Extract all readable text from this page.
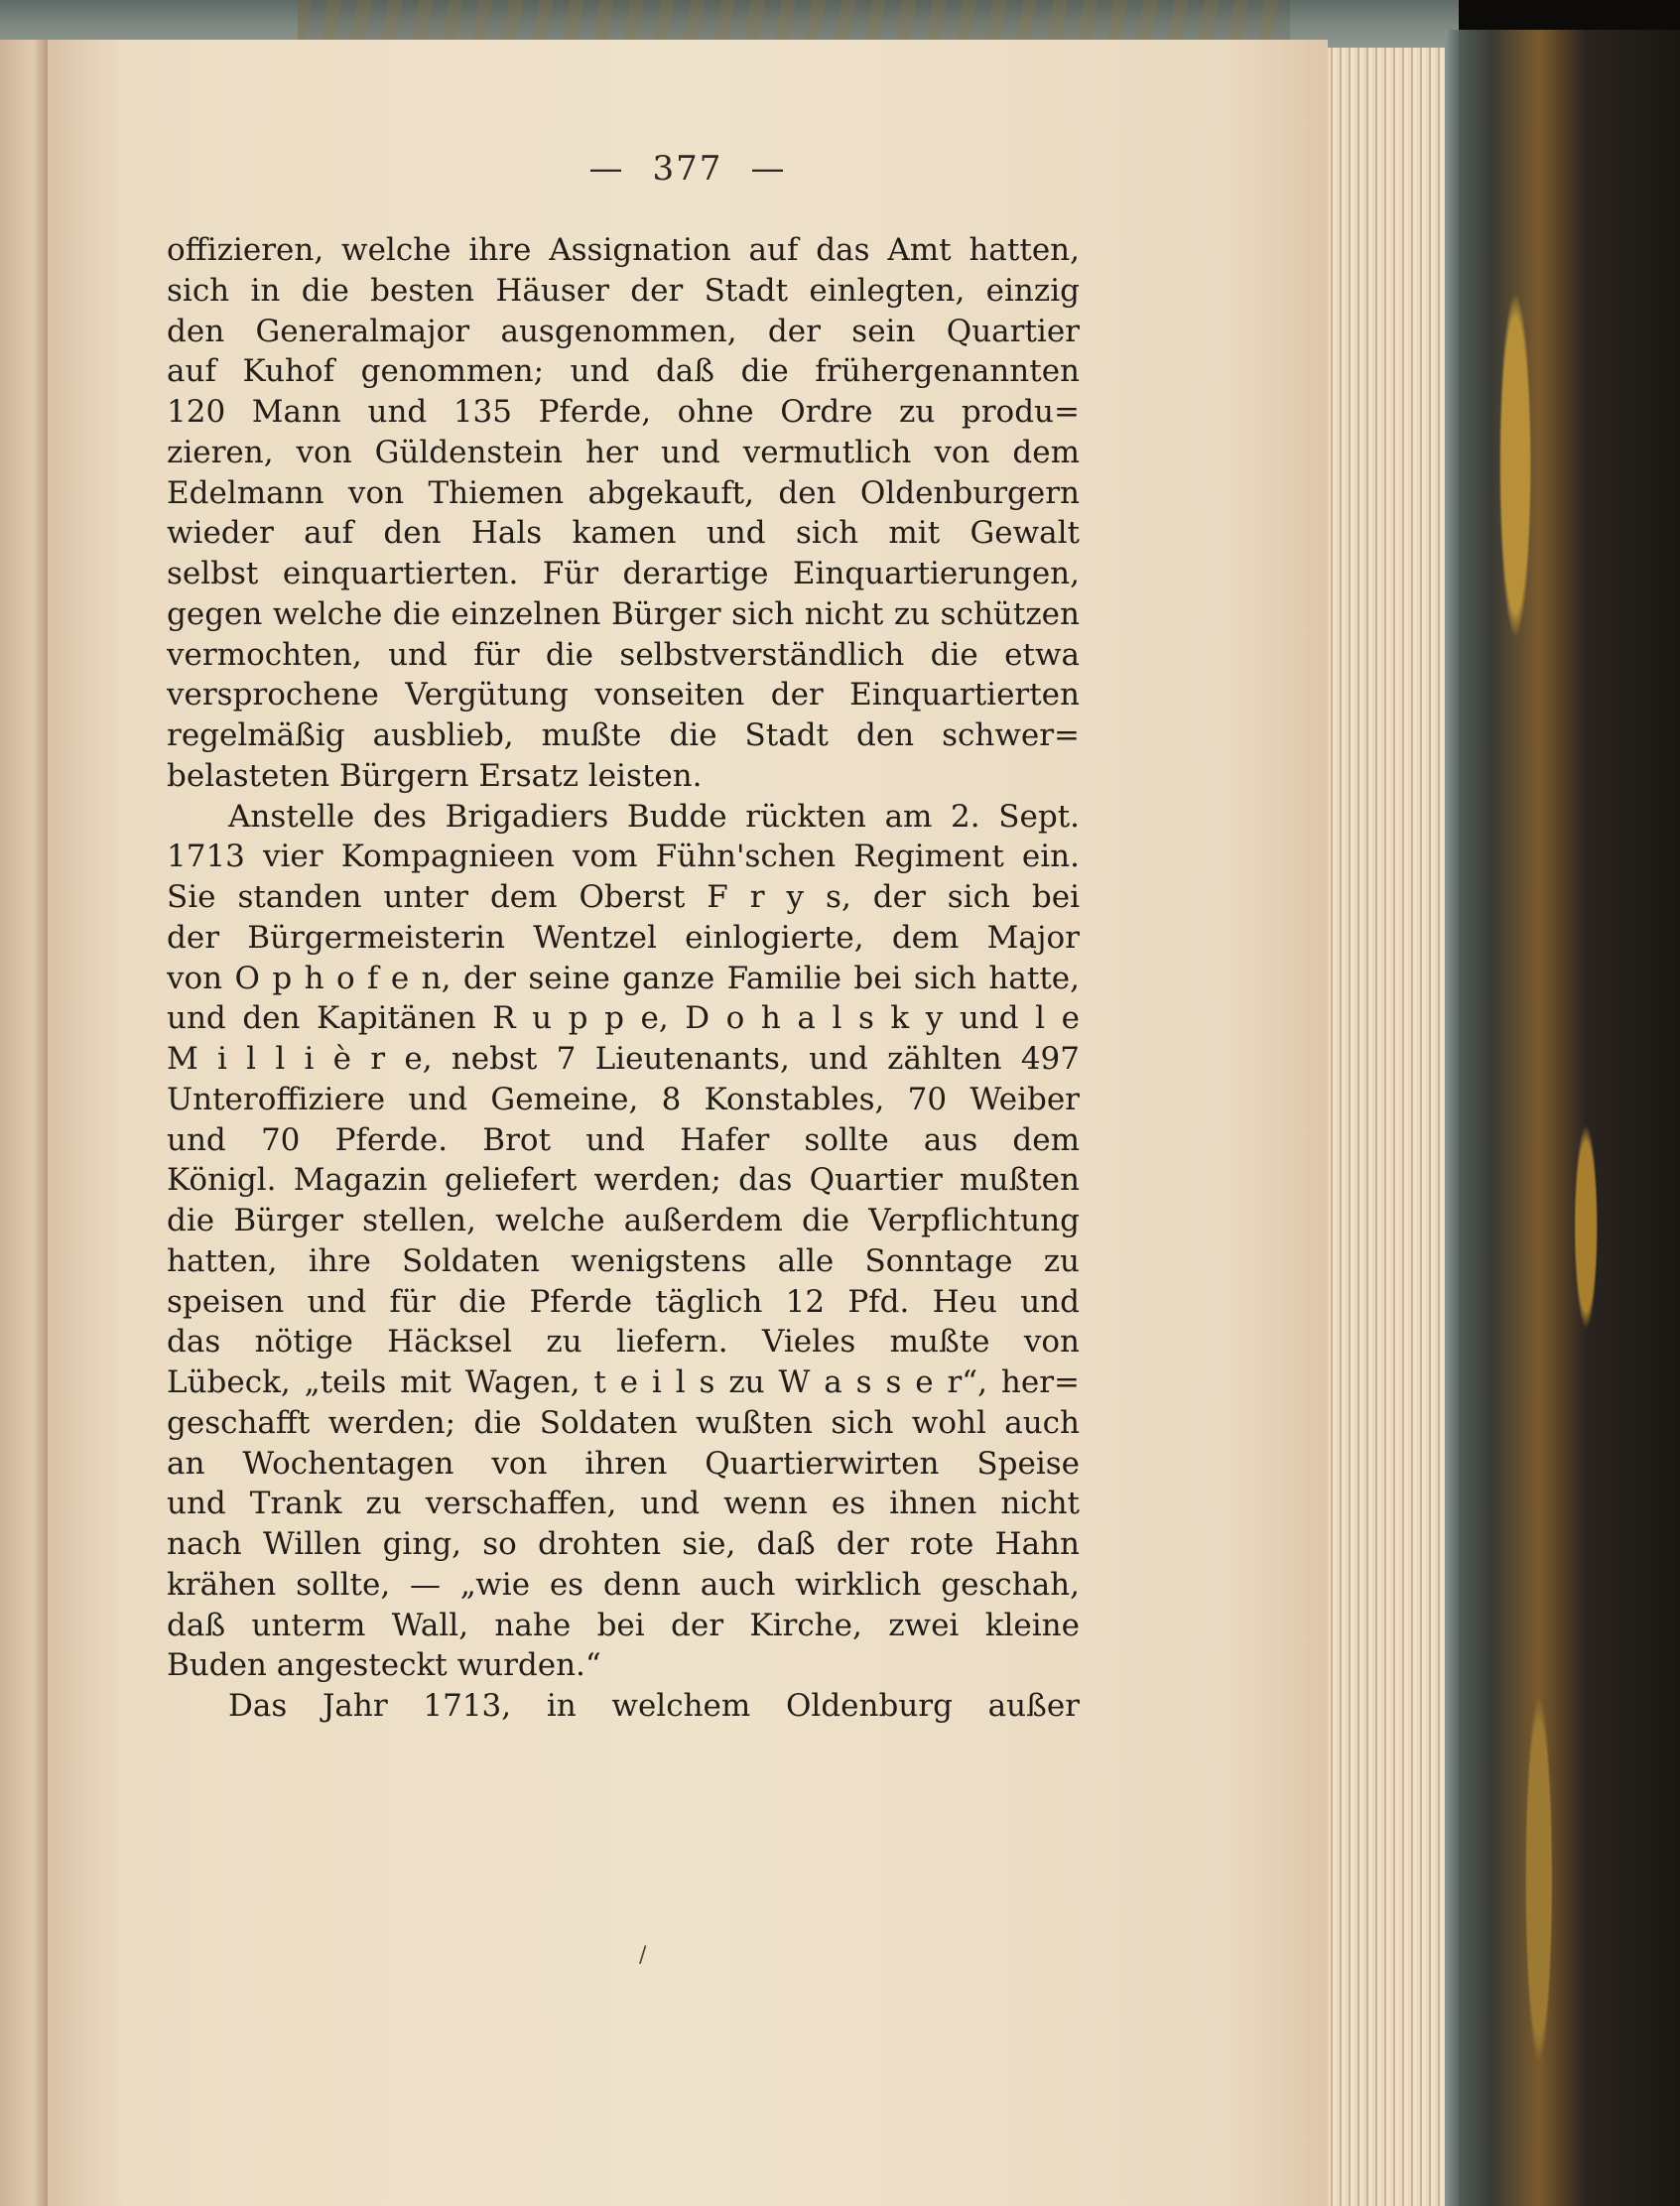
— 377 —
offizieren, welche ihre Assignation auf das Amt hatten,
sich in die besten Häuser der Stadt einlegten, einzig
den Generalmajor ausgenommen, der sein Quartier
auf Kuhof genommen; und daß die frühergenannten
120 Mann und 135 Pferde, ohne Ordre zu produ=
zieren, von Güldenstein her und vermutlich von dem
Edelmann von Thiemen abgekauft, den Oldenburgern
wieder auf den Hals kamen und sich mit Gewalt
selbst einquartierten. Für derartige Einquartierungen,
gegen welche die einzelnen Bürger sich nicht zu schützen
vermochten, und für die selbstverständlich die etwa
versprochene Vergütung vonseiten der Einquartierten
regelmäßig ausblieb, mußte die Stadt den schwer=
belasteten Bürgern Ersatz leisten.
Anstelle des Brigadiers Budde rückten am 2. Sept.
1713 vier Kompagnieen vom Fühn'schen Regiment ein.
Sie standen unter dem Oberst F r y s, der sich bei
der Bürgermeisterin Wentzel einlogierte, dem Major
von O p h o f e n, der seine ganze Familie bei sich hatte,
und den Kapitänen R u p p e, D o h a l s k y und l e
M i l l i è r e, nebst 7 Lieutenants, und zählten 497
Unteroffiziere und Gemeine, 8 Konstables, 70 Weiber
und 70 Pferde. Brot und Hafer sollte aus dem
Königl. Magazin geliefert werden; das Quartier mußten
die Bürger stellen, welche außerdem die Verpflichtung
hatten, ihre Soldaten wenigstens alle Sonntage zu
speisen und für die Pferde täglich 12 Pfd. Heu und
das nötige Häcksel zu liefern. Vieles mußte von
Lübeck, „teils mit Wagen, t e i l s zu W a s s e r“, her=
geschafft werden; die Soldaten wußten sich wohl auch
an Wochentagen von ihren Quartierwirten Speise
und Trank zu verschaffen, und wenn es ihnen nicht
nach Willen ging, so drohten sie, daß der rote Hahn
krähen sollte, — „wie es denn auch wirklich geschah,
daß unterm Wall, nahe bei der Kirche, zwei kleine
Buden angesteckt wurden.“
Das Jahr 1713, in welchem Oldenburg außer
/
